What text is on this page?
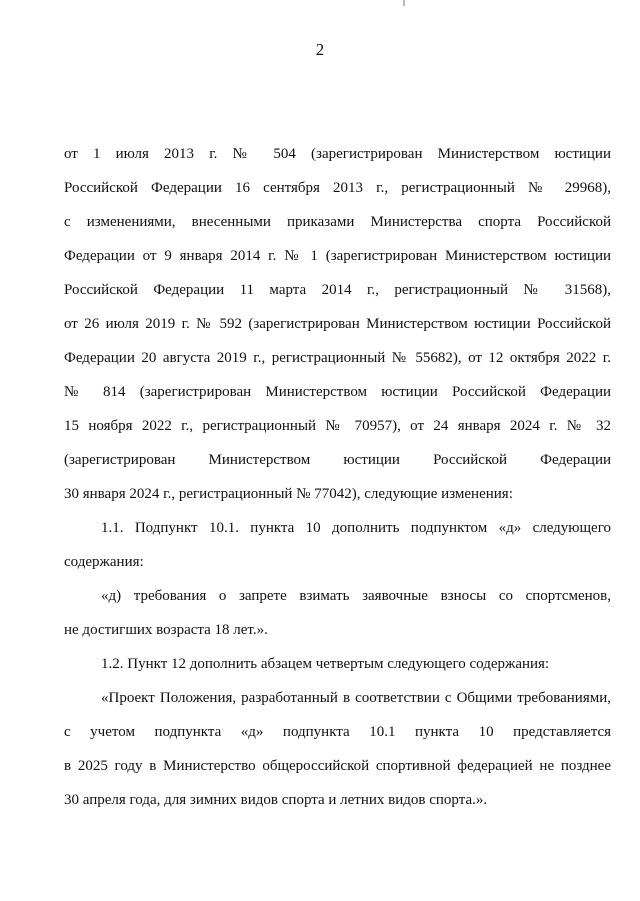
2

от 1 июля 2013 г. № 504 (зарегистрирован Министерством юстиции

Российской Федерации 16 сентября 2013 г., регистрационный № 29968),

с изменениями, внесенными приказами Министерства спорта Российской

Федерации от 9 января 2014 г. № 1 (зарегистрирован Министерством юстиции

Российской Федерации 11 марта 2014 г., регистрационный № 31568),

от 26 июля 2019 г. № 592 (зарегистрирован Министерством юстиции Российской

Федерации 20 августа 2019 г., регистрационный № 55682), от 12 октября 2022 г.

№ 814 (зарегистрирован Министерством юстиции Российской Федерации

15 ноября 2022 г., регистрационный № 70957), от 24 января 2024 г. № 32

(зарегистрирован Министерством юстиции Российской Федерации

30 января 2024 г., регистрационный № 77042), следующие изменения:

1.1. Подпункт 10.1. пункта 10 дополнить подпунктом «д» следующего

содержания:

«д) требования о запрете взимать заявочные взносы со спортсменов,

не достигших возраста 18 лет.».

1.2. Пункт 12 дополнить абзацем четвертым следующего содержания:

«Проект Положения, разработанный в соответствии с Общими требованиями,

с учетом подпункта «д» подпункта 10.1 пункта 10 представляется

в 2025 году в Министерство общероссийской спортивной федерацией не позднее

30 апреля года, для зимних видов спорта и летних видов спорта.».
